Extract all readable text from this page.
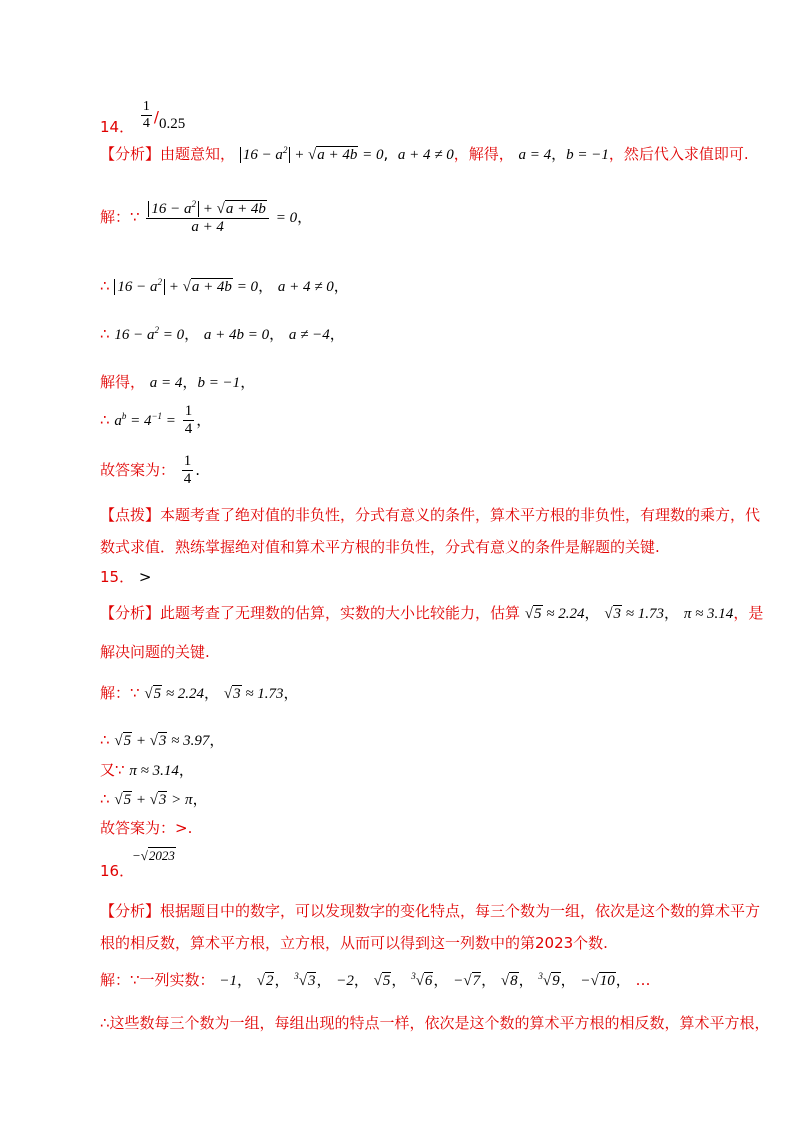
14． $\frac{1}{4} /0.25$
【分析】由题意知， $16 - a^2 + √a + 4b = 0$,  a + 4 ≠ 0，解得， a = 4，b = −1，然后代入求值即可.
解：∵ $\frac{16 - a^2 + √a + 4b}{a + 4} = 0$，
∴ $16 - a^2 + √a + 4b = 0$， a + 4 ≠ 0，
∴ $16 - a^2 = 0$， a + 4b = 0， a ≠ −4，
解得， a = 4，b = −1，
∴ $a^b = 4^{-1} = \frac{1}{4}$ ，
故答案为： $\frac{1}{4}$ .
【点拨】本题考查了绝对值的非负性，分式有意义的条件，算术平方根的非负性，有理数的乘方，代
数式求值．熟练掌握绝对值和算术平方根的非负性，分式有意义的条件是解题的关键.
15． >
【分析】此题考查了无理数的估算，实数的大小比较能力，估算 √5 ≈ 2.24， √3 ≈ 1.73， π ≈ 3.14，是
解决问题的关键.
解：∵ √5 ≈ 2.24， √3 ≈ 1.73，
∴ √5 + √3 ≈ 3.97，
又∵ π ≈ 3.14，
∴ √5 + √3 > π，
故答案为：>.
−√2023
16．
【分析】根据题目中的数字，可以发现数字的变化特点，每三个数为一组，依次是这个数的算术平方
根的相反数，算术平方根，立方根，从而可以得到这一列数中的第2023个数.
解：∵一列实数： −1， √2， $^3$√3， −2， √5， $^3$√6， −√7， √8， $^3$√9， −√10， …
∴这些数每三个数为一组，每组出现的特点一样，依次是这个数的算术平方根的相反数，算术平方根，
